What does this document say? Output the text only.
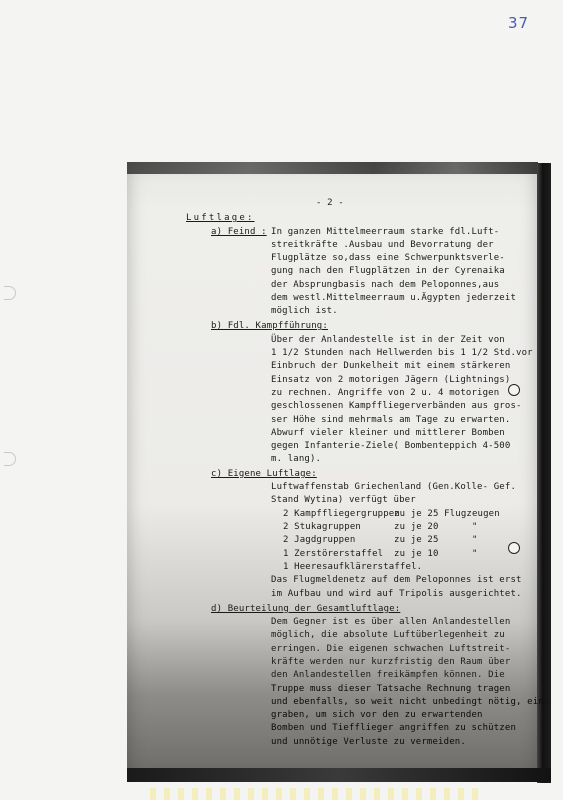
37
- 2 -
Luftlage:
a) Feind : In ganzen Mittelmeerraum starke fdl.Luft-
streitkräfte .Ausbau und Bevorratung der
Flugplätze so,dass eine Schwerpunktsverle-
gung nach den Flugplätzen in der Cyrenaika
der Absprungbasis nach dem Peloponnes,aus
dem westl.Mittelmeerraum u.Ägypten jederzeit
möglich ist.
b) Fdl. Kampfführung:
Über der Anlandestelle ist in der Zeit von
1 1/2 Stunden nach Hellwerden bis 1 1/2 Std.vor
Einbruch der Dunkelheit mit einem stärkeren
Einsatz von 2 motorigen Jägern (Lightnings)
zu rechnen. Angriffe von 2 u. 4 motorigen
geschlossenen Kampffliegerverbänden aus gros-
ser Höhe sind mehrmals am Tage zu erwarten.
Abwurf vieler kleiner und mittlerer Bomben
gegen Infanterie-Ziele( Bombenteppich 4-500
m. lang).
c) Eigene Luftlage:
Luftwaffenstab Griechenland (Gen.Kolle- Gef.
Stand Wytina) verfügt über
2 Kampffliegergruppen
zu je 25 Flugzeugen
2 Stukagruppen	zu je 20      "
2 Jagdgruppen	zu je 25      "
1 Zerstörerstaffel zu je 10      "
1 Heeresaufklärerstaffel.
Das Flugmeldenetz auf dem Peloponnes ist erst
im Aufbau und wird auf Tripolis ausgerichtet.
d) Beurteilung der Gesamtluftlage:
Dem Gegner ist es über allen Anlandestellen
möglich, die absolute Luftüberlegenheit zu
erringen. Die eigenen schwachen Luftstreit-
kräfte werden nur kurzfristig den Raum über
den Anlandestellen freikämpfen können. Die
Truppe muss dieser Tatsache Rechnung tragen
und ebenfalls, so weit nicht unbedingt nötig, ein-
graben, um sich vor den zu erwartenden
Bomben und Tiefflieger angriffen zu schützen
und unnötige Verluste zu vermeiden.
